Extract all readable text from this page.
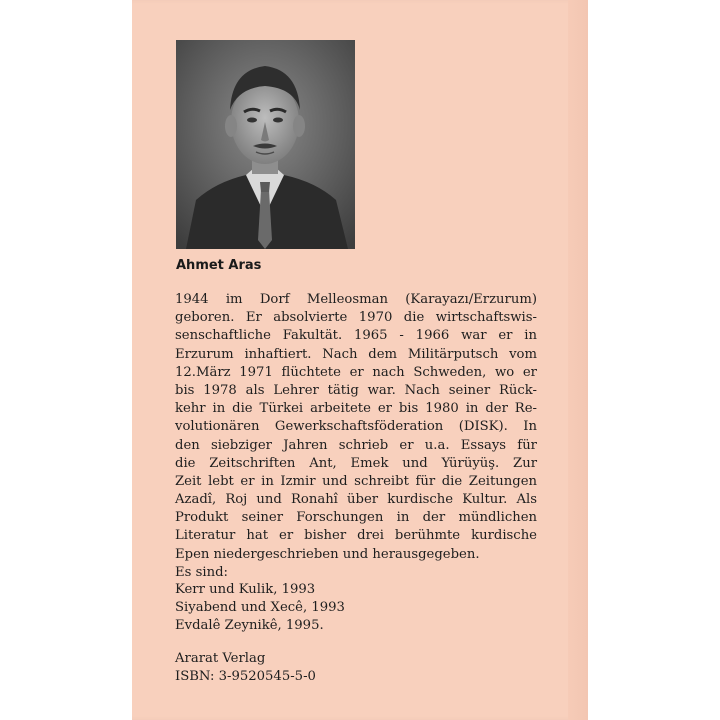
Ahmet Aras
1944 im Dorf Melleosman (Karayazı/Erzurum)
geboren. Er absolvierte 1970 die wirtschaftswis-
senschaftliche Fakultät. 1965 - 1966 war er in
Erzurum inhaftiert. Nach dem Militärputsch vom
12.März 1971 flüchtete er nach Schweden, wo er
bis 1978 als Lehrer tätig war. Nach seiner Rück-
kehr in die Türkei arbeitete er bis 1980 in der Re-
volutionären Gewerkschaftsföderation (DISK). In
den siebziger Jahren schrieb er u.a. Essays für
die Zeitschriften Ant, Emek und Yürüyüş. Zur
Zeit lebt er in Izmir und schreibt für die Zeitungen
Azadî, Roj und Ronahî über kurdische Kultur. Als
Produkt seiner Forschungen in der mündlichen
Literatur hat er bisher drei berühmte kurdische
Epen niedergeschrieben und herausgegeben.
Es sind:
Kerr und Kulik, 1993
Siyabend und Xecê, 1993
Evdalê Zeynikê, 1995.
Ararat Verlag
ISBN: 3-9520545-5-0
